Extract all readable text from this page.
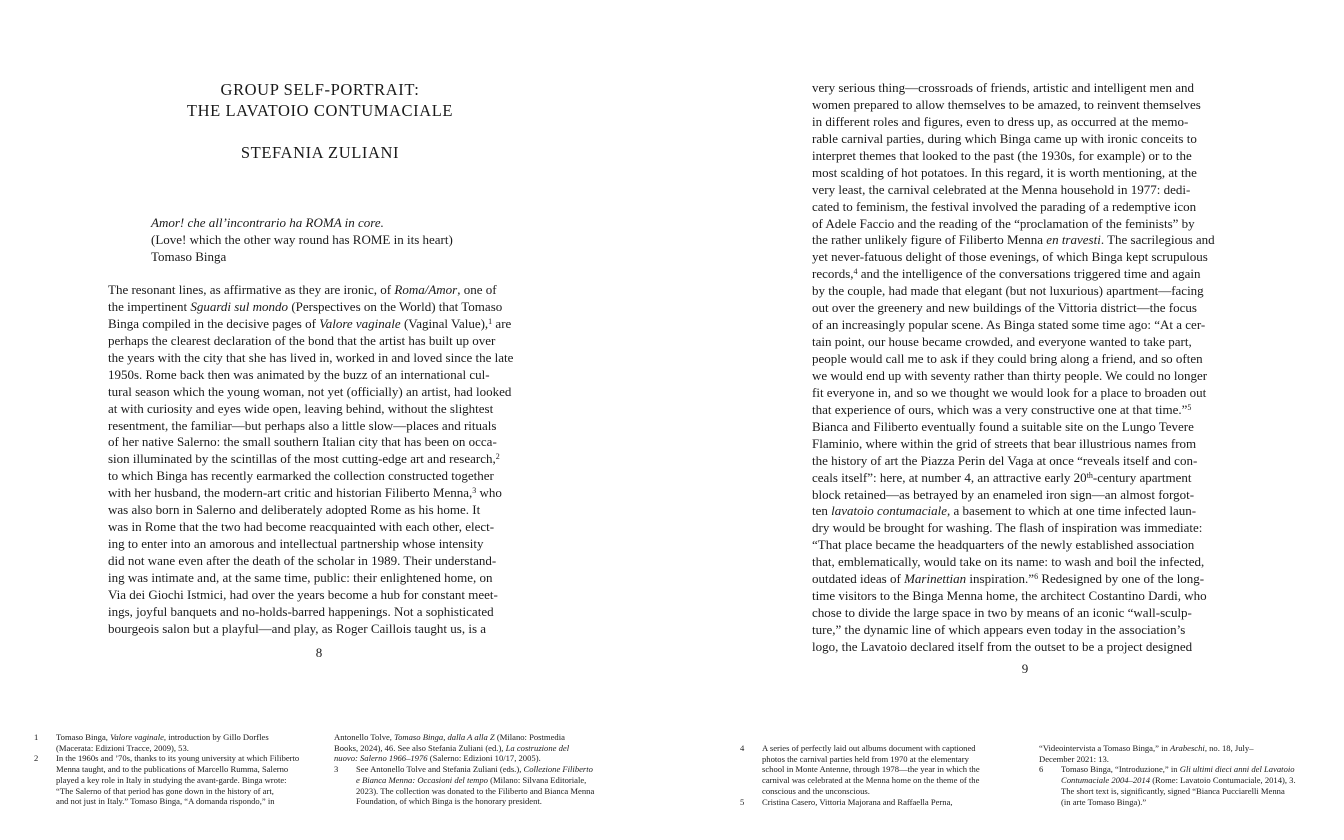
GROUP SELF-PORTRAIT:
THE LAVATOIO CONTUMACIALE
STEFANIA ZULIANI
Amor! che all’incontrario ha ROMA in core.
(Love! which the other way round has ROME in its heart)
Tomaso Binga
The resonant lines, as affirmative as they are ironic, of Roma/Amor, one of
the impertinent Sguardi sul mondo (Perspectives on the World) that Tomaso
Binga compiled in the decisive pages of Valore vaginale (Vaginal Value),$^1$ are
perhaps the clearest declaration of the bond that the artist has built up over
the years with the city that she has lived in, worked in and loved since the late
1950s. Rome back then was animated by the buzz of an international cul-
tural season which the young woman, not yet (officially) an artist, had looked
at with curiosity and eyes wide open, leaving behind, without the slightest
resentment, the familiar—but perhaps also a little slow—places and rituals
of her native Salerno: the small southern Italian city that has been on occa-
sion illuminated by the scintillas of the most cutting-edge art and research,$^2$
to which Binga has recently earmarked the collection constructed together
with her husband, the modern-art critic and historian Filiberto Menna,$^3$ who
was also born in Salerno and deliberately adopted Rome as his home. It
was in Rome that the two had become reacquainted with each other, elect-
ing to enter into an amorous and intellectual partnership whose intensity
did not wane even after the death of the scholar in 1989. Their understand-
ing was intimate and, at the same time, public: their enlightened home, on
Via dei Giochi Istmici, had over the years become a hub for constant meet-
ings, joyful banquets and no-holds-barred happenings. Not a sophisticated
bourgeois salon but a playful—and play, as Roger Caillois taught us, is a
8
very serious thing—crossroads of friends, artistic and intelligent men and
women prepared to allow themselves to be amazed, to reinvent themselves
in different roles and figures, even to dress up, as occurred at the memo-
rable carnival parties, during which Binga came up with ironic conceits to
interpret themes that looked to the past (the 1930s, for example) or to the
most scalding of hot potatoes. In this regard, it is worth mentioning, at the
very least, the carnival celebrated at the Menna household in 1977: dedi-
cated to feminism, the festival involved the parading of a redemptive icon
of Adele Faccio and the reading of the “proclamation of the feminists” by
the rather unlikely figure of Filiberto Menna en travesti. The sacrilegious and
yet never-fatuous delight of those evenings, of which Binga kept scrupulous
records,$^4$ and the intelligence of the conversations triggered time and again
by the couple, had made that elegant (but not luxurious) apartment—facing
out over the greenery and new buildings of the Vittoria district—the focus
of an increasingly popular scene. As Binga stated some time ago: “At a cer-
tain point, our house became crowded, and everyone wanted to take part,
people would call me to ask if they could bring along a friend, and so often
we would end up with seventy rather than thirty people. We could no longer
fit everyone in, and so we thought we would look for a place to broaden out
that experience of ours, which was a very constructive one at that time.”$^5$
Bianca and Filiberto eventually found a suitable site on the Lungo Tevere
Flaminio, where within the grid of streets that bear illustrious names from
the history of art the Piazza Perin del Vaga at once “reveals itself and con-
ceals itself”: here, at number 4, an attractive early 20th-century apartment
block retained—as betrayed by an enameled iron sign—an almost forgot-
ten lavatoio contumaciale, a basement to which at one time infected laun-
dry would be brought for washing. The flash of inspiration was immediate:
“That place became the headquarters of the newly established association
that, emblematically, would take on its name: to wash and boil the infected,
outdated ideas of Marinettian inspiration.”$^6$ Redesigned by one of the long-
time visitors to the Binga Menna home, the architect Costantino Dardi, who
chose to divide the large space in two by means of an iconic “wall-sculp-
ture,” the dynamic line of which appears even today in the association’s
logo, the Lavatoio declared itself from the outset to be a project designed
9
1 Tomaso Binga, Valore vaginale, introduction by Gillo Dorfles
(Macerata: Edizioni Tracce, 2009), 53.
2 In the 1960s and ’70s, thanks to its young university at which Filiberto
Menna taught, and to the publications of Marcello Rumma, Salerno
played a key role in Italy in studying the avant-garde. Binga wrote:
“The Salerno of that period has gone down in the history of art,
and not just in Italy.” Tomaso Binga, “A domanda rispondo,” in
Antonello Tolve, Tomaso Binga, dalla A alla Z (Milano: Postmedia
Books, 2024), 46. See also Stefania Zuliani (ed.), La costruzione del
nuovo: Salerno 1966–1976 (Salerno: Edizioni 10/17, 2005).
3 See Antonello Tolve and Stefania Zuliani (eds.), Collezione Filiberto
e Bianca Menna: Occasioni del tempo (Milano: Silvana Editoriale,
2023). The collection was donated to the Filiberto and Bianca Menna
Foundation, of which Binga is the honorary president.
4 A series of perfectly laid out albums document with captioned
photos the carnival parties held from 1970 at the elementary
school in Monte Antenne, through 1978—the year in which the
carnival was celebrated at the Menna home on the theme of the
conscious and the unconscious.
5 Cristina Casero, Vittoria Majorana and Raffaella Perna,
“Videointervista a Tomaso Binga,” in Arabeschi, no. 18, July–
December 2021: 13.
6 Tomaso Binga, “Introduzione,” in Gli ultimi dieci anni del Lavatoio
Contumaciale 2004–2014 (Rome: Lavatoio Contumaciale, 2014), 3.
The short text is, significantly, signed “Bianca Pucciarelli Menna
(in arte Tomaso Binga).”
